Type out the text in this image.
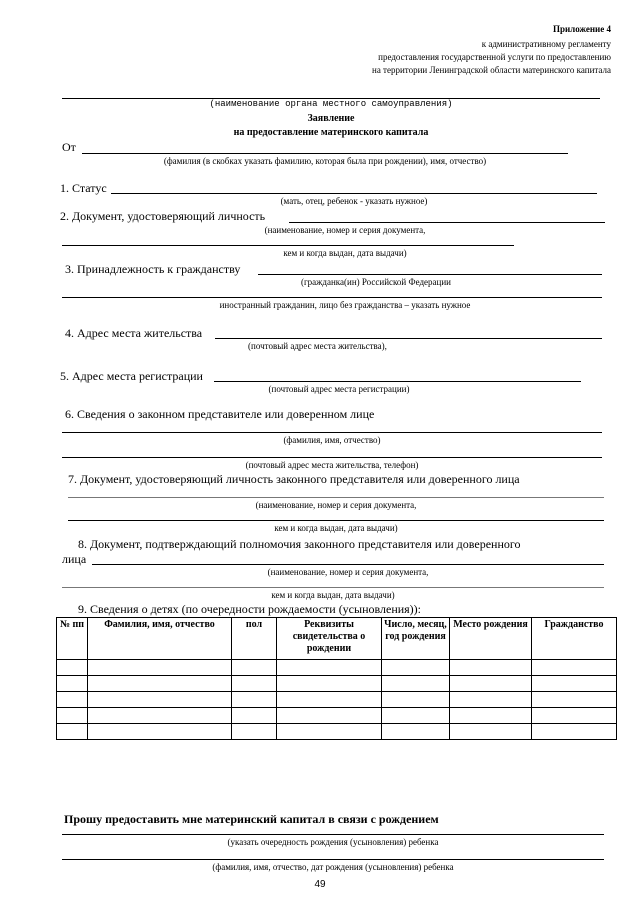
Приложение 4
к административному регламенту
предоставления государственной услуги по предоставлению
на территории Ленинградской области материнского капитала
(наименование органа местного самоуправления)
Заявление
на предоставление материнского капитала
От
(фамилия (в скобках указать фамилию, которая была при рождении), имя, отчество)
1. Статус
(мать, отец, ребенок - указать нужное)
2. Документ, удостоверяющий личность
(наименование, номер и серия документа,
кем и когда выдан, дата выдачи)
3. Принадлежность к гражданству
(гражданка(ин) Российской Федерации
иностранный гражданин, лицо без гражданства – указать нужное
4. Адрес места жительства
(почтовый адрес места жительства),
5. Адрес места регистрации
(почтовый адрес места регистрации)
6. Сведения о законном представителе или доверенном лице
(фамилия, имя, отчество)
(почтовый адрес места жительства, телефон)
7. Документ, удостоверяющий личность законного представителя или доверенного лица
(наименование, номер и серия документа,
кем и когда выдан, дата выдачи)
8. Документ, подтверждающий полномочия законного представителя или доверенного
лица
(наименование, номер и серия документа,
кем и когда выдан, дата выдачи)
9. Сведения о детях (по очередности рождаемости (усыновления)):
№ пп	Фамилия, имя, отчество	пол	Реквизиты свидетельства о рождении	Число, месяц, год рождения	Место рождения	Гражданство

Прошу предоставить мне материнский капитал в связи с рождением
(указать очередность рождения (усыновления) ребенка
(фамилия, имя, отчество, дат рождения (усыновления) ребенка
49
